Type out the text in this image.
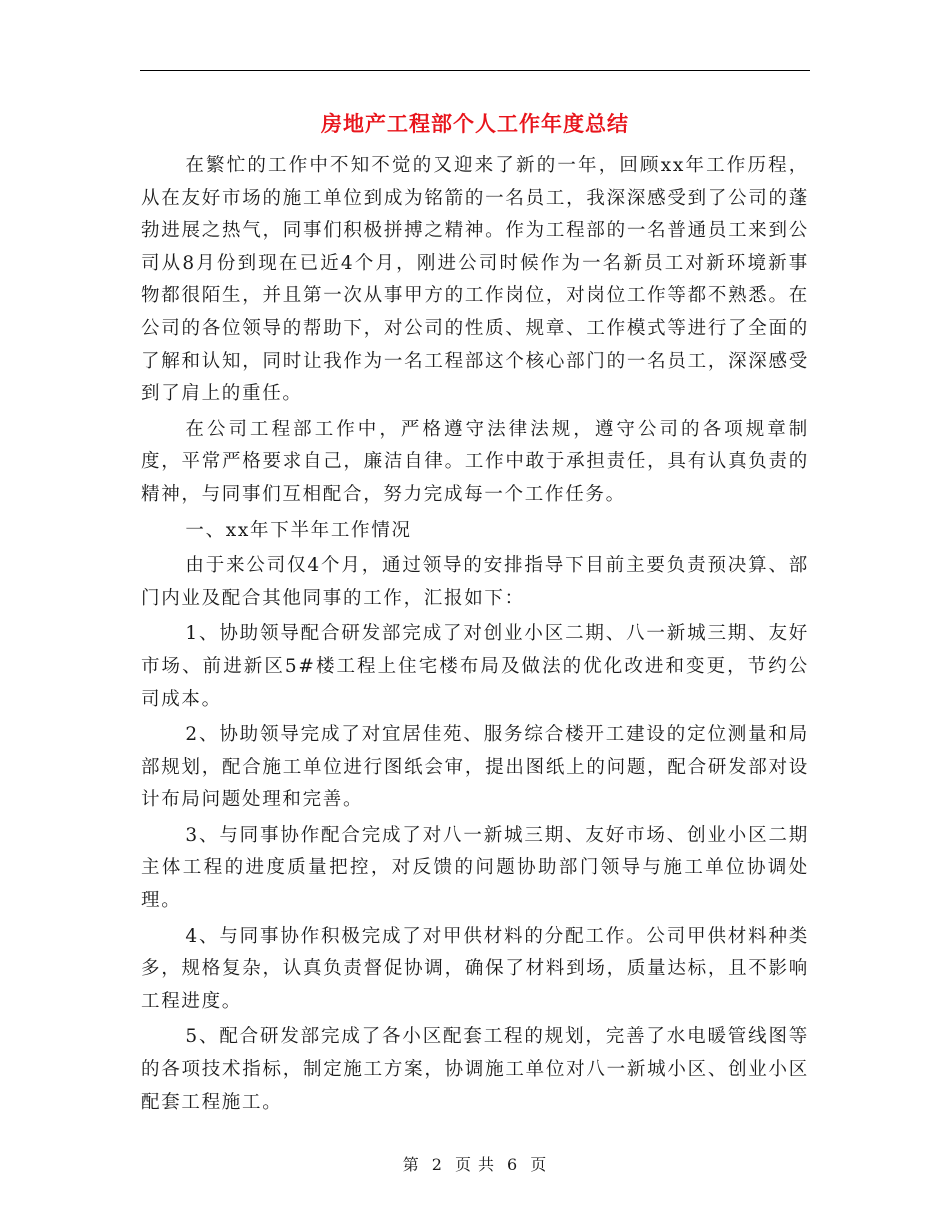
房地产工程部个人工作年度总结

在繁忙的工作中不知不觉的又迎来了新的一年，回顾xx年工作历程，从在友好市场的施工单位到成为铭箭的一名员工，我深深感受到了公司的蓬勃进展之热气，同事们积极拼搏之精神。作为工程部的一名普通员工来到公司从8月份到现在已近4个月，刚进公司时候作为一名新员工对新环境新事物都很陌生，并且第一次从事甲方的工作岗位，对岗位工作等都不熟悉。在公司的各位领导的帮助下，对公司的性质、规章、工作模式等进行了全面的了解和认知，同时让我作为一名工程部这个核心部门的一名员工，深深感受到了肩上的重任。

在公司工程部工作中，严格遵守法律法规，遵守公司的各项规章制度，平常严格要求自己，廉洁自律。工作中敢于承担责任，具有认真负责的精神，与同事们互相配合，努力完成每一个工作任务。

一、xx年下半年工作情况

由于来公司仅4个月，通过领导的安排指导下目前主要负责预决算、部门内业及配合其他同事的工作，汇报如下：

1、协助领导配合研发部完成了对创业小区二期、八一新城三期、友好市场、前进新区5#楼工程上住宅楼布局及做法的优化改进和变更，节约公司成本。

2、协助领导完成了对宜居佳苑、服务综合楼开工建设的定位测量和局部规划，配合施工单位进行图纸会审，提出图纸上的问题，配合研发部对设计布局问题处理和完善。

3、与同事协作配合完成了对八一新城三期、友好市场、创业小区二期主体工程的进度质量把控，对反馈的问题协助部门领导与施工单位协调处理。

4、与同事协作积极完成了对甲供材料的分配工作。公司甲供材料种类多，规格复杂，认真负责督促协调，确保了材料到场，质量达标，且不影响工程进度。

5、配合研发部完成了各小区配套工程的规划，完善了水电暖管线图等的各项技术指标，制定施工方案，协调施工单位对八一新城小区、创业小区配套工程施工。

第 2 页 共 6 页
